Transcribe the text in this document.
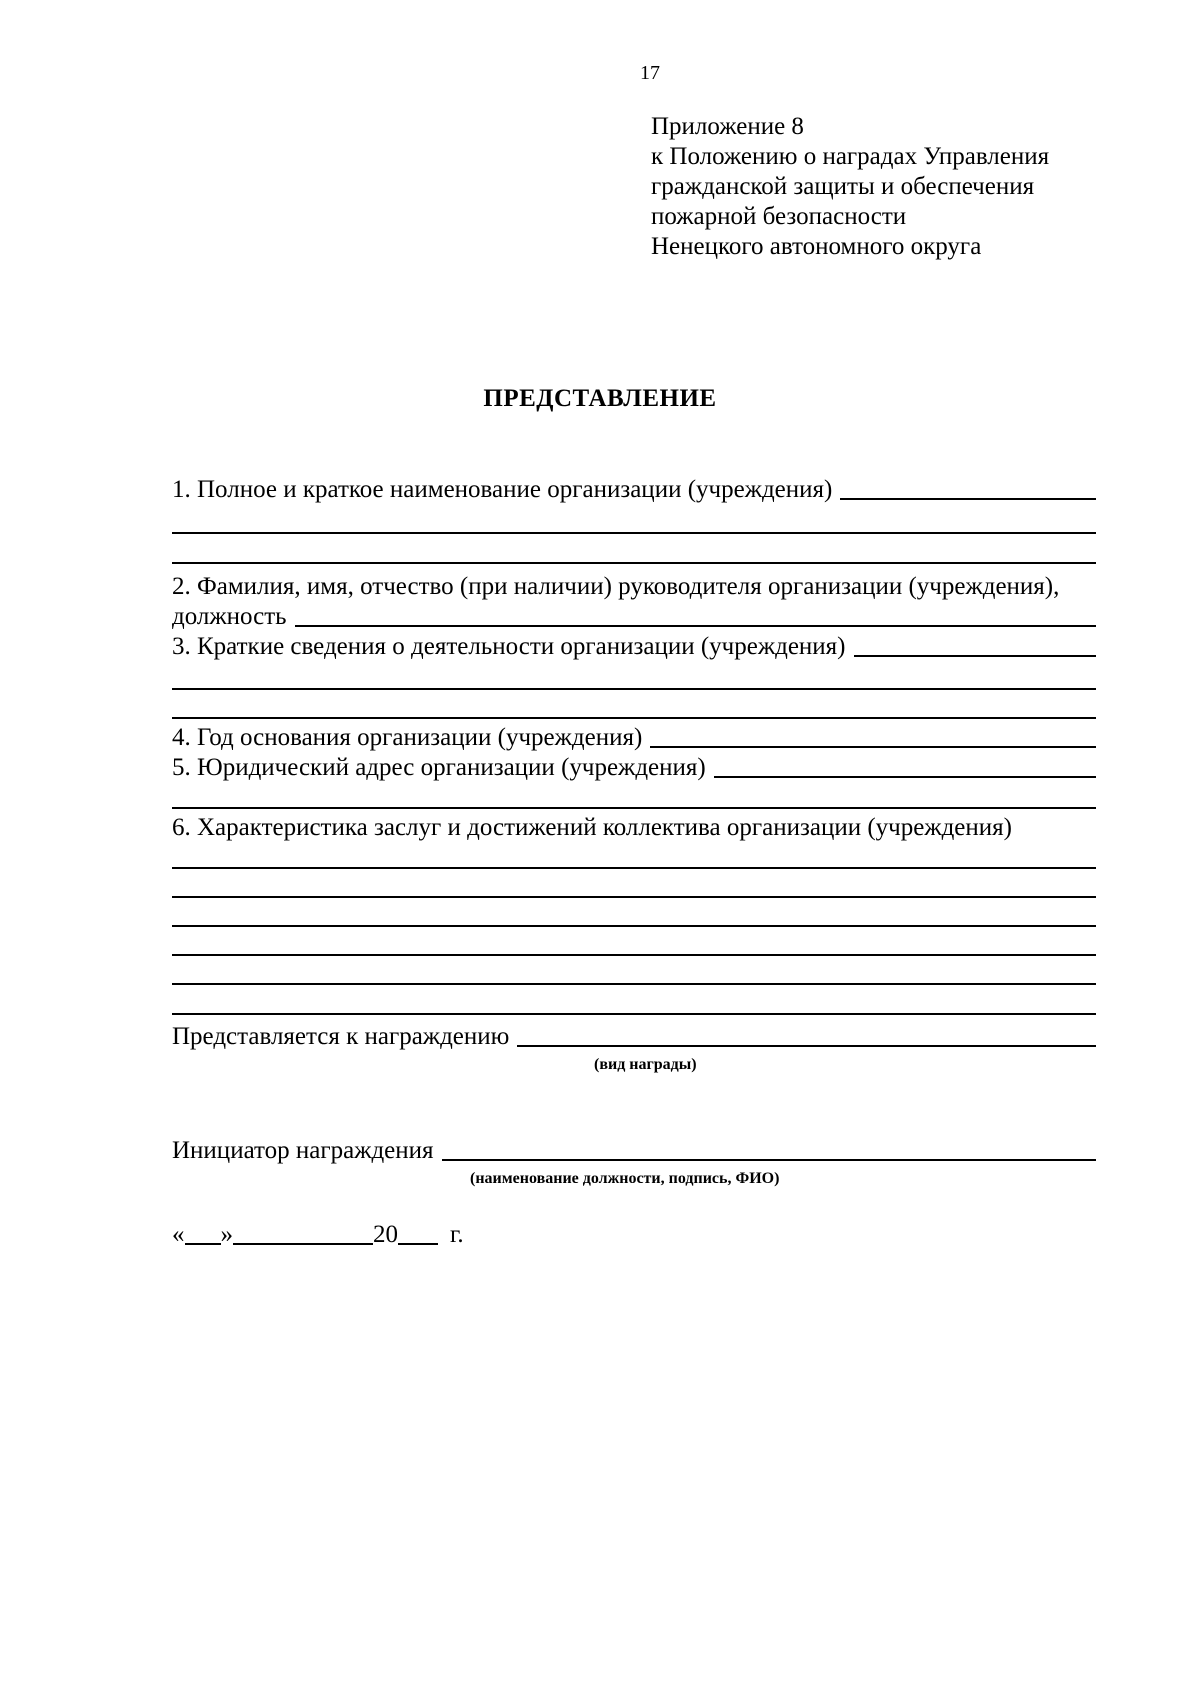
17
Приложение 8
к Положению о наградах Управления
гражданской защиты и обеспечения
пожарной безопасности
Ненецкого автономного округа
ПРЕДСТАВЛЕНИЕ
1. Полное и краткое наименование организации (учреждения)
2. Фамилия, имя, отчество (при наличии) руководителя организации (учреждения),
должность
3. Краткие сведения о деятельности организации (учреждения)
4. Год основания организации (учреждения)
5. Юридический адрес организации (учреждения)
6. Характеристика заслуг и достижений коллектива организации (учреждения)
Представляется к награждению
(вид награды)
Инициатор награждения
(наименование должности, подпись, ФИО)
« »	20 г.
